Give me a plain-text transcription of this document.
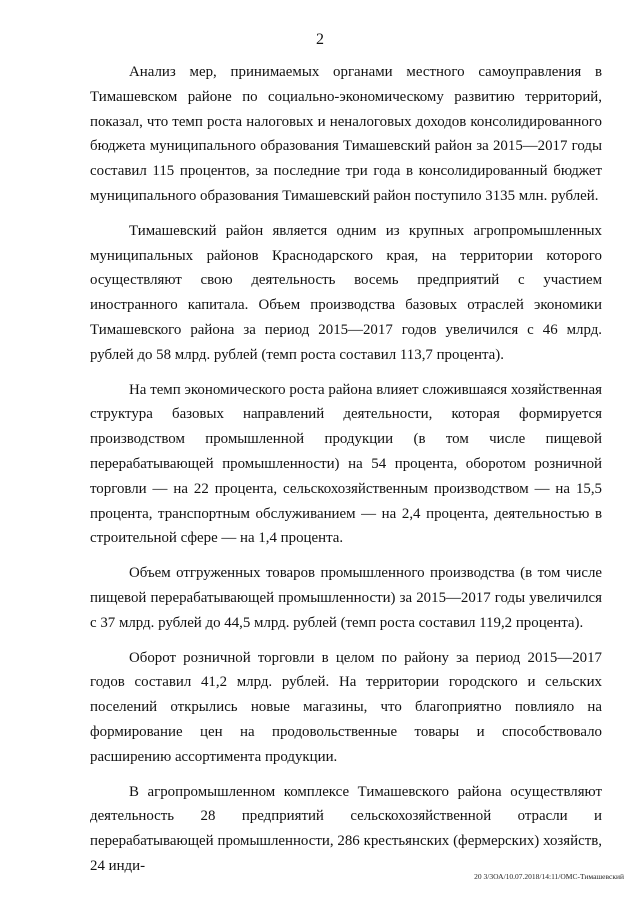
2

Анализ мер, принимаемых органами местного самоуправления в Тимашевском районе по социально-экономическому развитию территорий, показал, что темп роста налоговых и неналоговых доходов консолидированного бюджета муниципального образования Тимашевский район за 2015—2017 годы составил 115 процентов, за последние три года в консолидированный бюджет муниципального образования Тимашевский район поступило 3135 млн. рублей.

Тимашевский район является одним из крупных агропромышленных муниципальных районов Краснодарского края, на территории которого осуществляют свою деятельность восемь предприятий с участием иностранного капитала. Объем производства базовых отраслей экономики Тимашевского района за период 2015—2017 годов увеличился с 46 млрд. рублей до 58 млрд. рублей (темп роста составил 113,7 процента).

На темп экономического роста района влияет сложившаяся хозяйственная структура базовых направлений деятельности, которая формируется производством промышленной продукции (в том числе пищевой перерабатывающей промышленности) на 54 процента, оборотом розничной торговли — на 22 процента, сельскохозяйственным производством — на 15,5 процента, транспортным обслуживанием — на 2,4 процента, деятельностью в строительной сфере — на 1,4 процента.

Объем отгруженных товаров промышленного производства (в том числе пищевой перерабатывающей промышленности) за 2015—2017 годы увеличился с 37 млрд. рублей до 44,5 млрд. рублей (темп роста составил 119,2 процента).

Оборот розничной торговли в целом по району за период 2015—2017 годов составил 41,2 млрд. рублей. На территории городского и сельских поселений открылись новые магазины, что благоприятно повлияло на формирование цен на продовольственные товары и способствовало расширению ассортимента продукции.

В агропромышленном комплексе Тимашевского района осуществляют деятельность 28 предприятий сельскохозяйственной отрасли и перерабатывающей промышленности, 286 крестьянских (фермерских) хозяйств, 24 инди-

20 3/3ОА/10.07.2018/14:11/ОМС-Тимашевский
